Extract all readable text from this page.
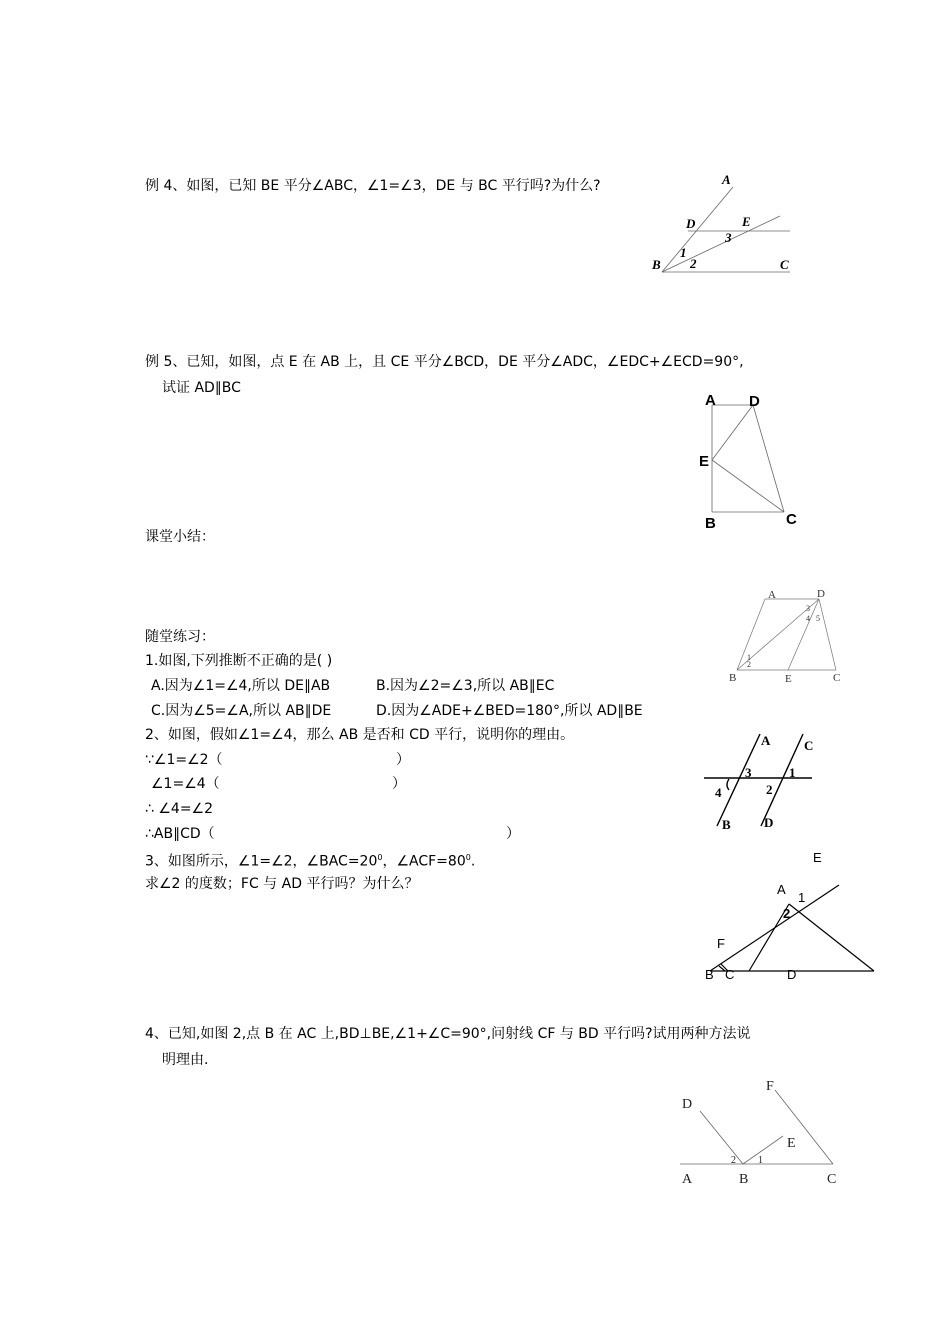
例 4、如图，已知 BE 平分∠ABC，∠1=∠3，DE 与 BC 平行吗?为什么?	A
D	E
B	C
1
2
3
例 5、已知，如图，点 E 在 AB 上，且 CE 平分∠BCD，DE 平分∠ADC，∠EDC+∠ECD=90°,
试证 AD∥BC
A D
E
B	C
课堂小结：
随堂练习：
1.如图,下列推断不正确的是( )
A.因为∠1=∠4,所以 DE∥AB	B.因为∠2=∠3,所以 AB∥EC
C.因为∠5=∠A,所以 AB∥DE	D.因为∠ADE+∠BED=180°,所以 AD∥BE
A	D
B	E	C
1
2
3
4 5
2、如图，假如∠1=∠4，那么 AB 是否和 CD 平行，说明你的理由。
∵∠1=∠2（	）
∠1=∠4（	）
∴ ∠4=∠2
∴AB∥CD（	）
A	C
B	D
1
2
3
4
3、如图所示，∠1=∠2，$\angle BAC=20^0$，$\angle ACF=80^0$.
求∠2 的度数；FC 与 AD 平行吗？为什么？
E
A
F
B C	D
1
2
4、已知,如图 2,点 B 在 AC 上,BD⊥BE,∠1+∠C=90°,问射线 CF 与 BD 平行吗?试用两种方法说
明理由.
D
F
E
A	B	C
1
2
